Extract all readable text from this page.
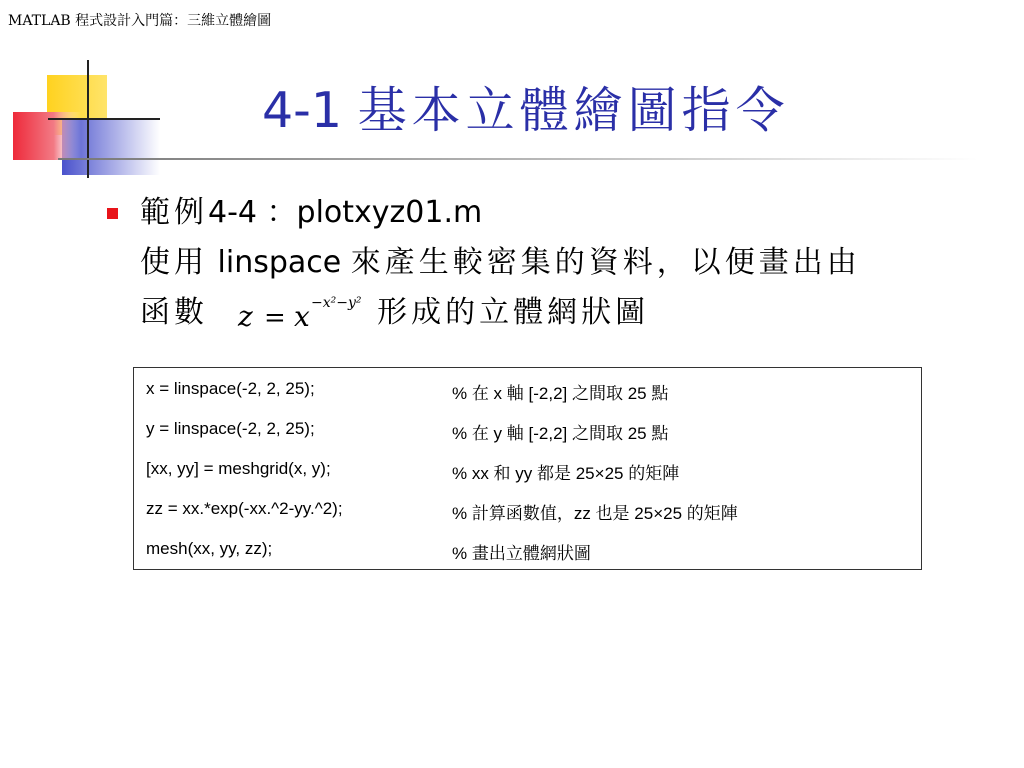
MATLAB 程式設計入門篇：三維立體繪圖
4-1 基本立體繪圖指令
範例4-4 ：plotxyz01.m
使用 linspace 來產生較密集的資料，以便畫出由
函數 z = x −x²−y² 形成的立體網狀圖
x = linspace(-2, 2, 25);	% 在 x 軸 [-2,2] 之間取 25 點
y = linspace(-2, 2, 25);	% 在 y 軸 [-2,2] 之間取 25 點
[xx, yy] = meshgrid(x, y);	% xx 和 yy 都是 25×25 的矩陣
zz = xx.*exp(-xx.^2-yy.^2);	% 計算函數值，zz 也是 25×25 的矩陣
mesh(xx, yy, zz);	% 畫出立體網狀圖
